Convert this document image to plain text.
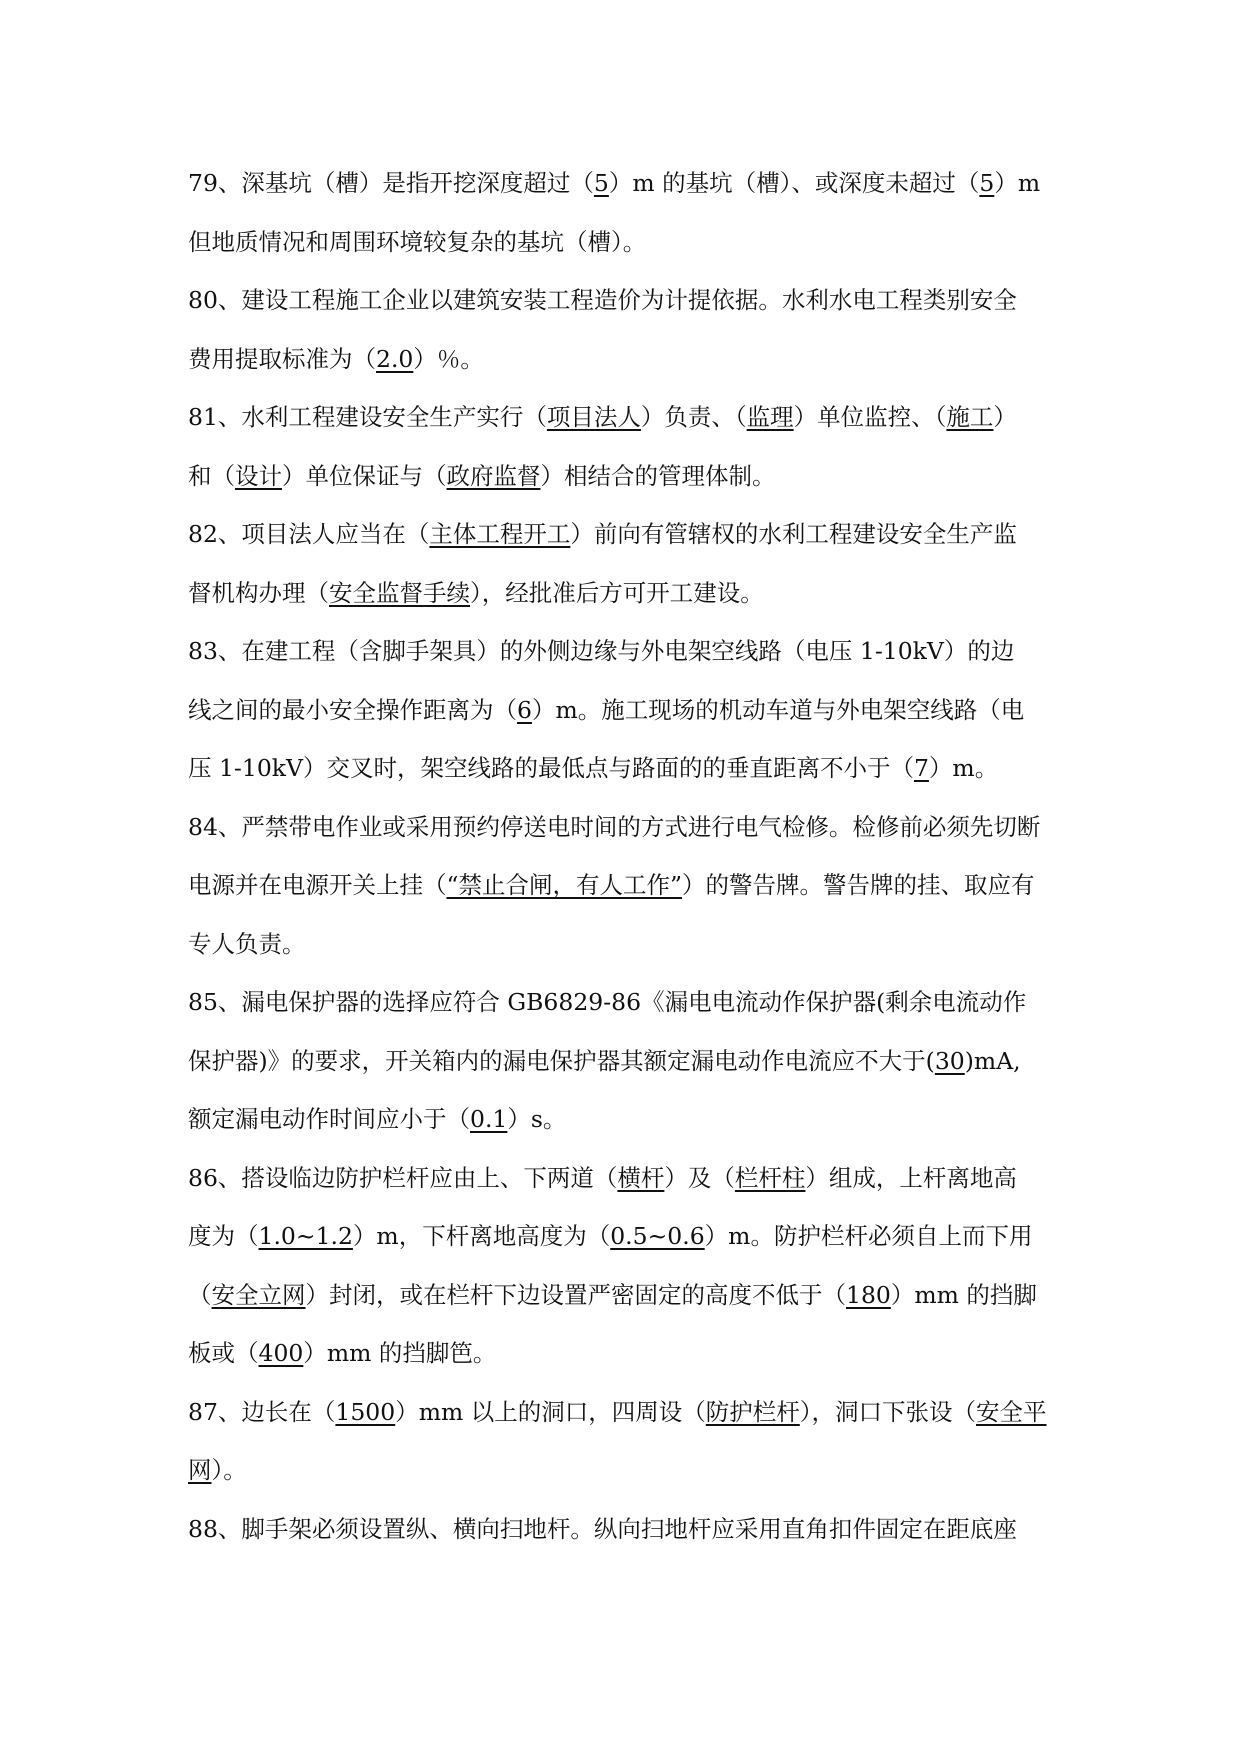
79、深基坑（槽）是指开挖深度超过（5）m 的基坑（槽）、或深度未超过（5）m
但地质情况和周围环境较复杂的基坑（槽）。
80、建设工程施工企业以建筑安装工程造价为计提依据。水利水电工程类别安全
费用提取标准为（2.0）％。
81、水利工程建设安全生产实行（项目法人）负责、（监理）单位监控、（施工）
和（设计）单位保证与（政府监督）相结合的管理体制。
82、项目法人应当在（主体工程开工）前向有管辖权的水利工程建设安全生产监
督机构办理（安全监督手续），经批准后方可开工建设。
83、在建工程（含脚手架具）的外侧边缘与外电架空线路（电压 1-10kV）的边
线之间的最小安全操作距离为（6）m。施工现场的机动车道与外电架空线路（电
压 1-10kV）交叉时，架空线路的最低点与路面的的垂直距离不小于（7）m。
84、严禁带电作业或采用预约停送电时间的方式进行电气检修。检修前必须先切断
电源并在电源开关上挂（“禁止合闸，有人工作”）的警告牌。警告牌的挂、取应有
专人负责。
85、漏电保护器的选择应符合 GB6829-86《漏电电流动作保护器(剩余电流动作
保护器)》的要求，开关箱内的漏电保护器其额定漏电动作电流应不大于(30)mA,
额定漏电动作时间应小于（0.1）s。
86、搭设临边防护栏杆应由上、下两道（横杆）及（栏杆柱）组成，上杆离地高
度为（1.0~1.2）m，下杆离地高度为（0.5~0.6）m。防护栏杆必须自上而下用
（安全立网）封闭，或在栏杆下边设置严密固定的高度不低于（180）mm 的挡脚
板或（400）mm 的挡脚笆。
87、边长在（1500）mm 以上的洞口，四周设（防护栏杆），洞口下张设（安全平
网）。
88、脚手架必须设置纵、横向扫地杆。纵向扫地杆应采用直角扣件固定在距底座
